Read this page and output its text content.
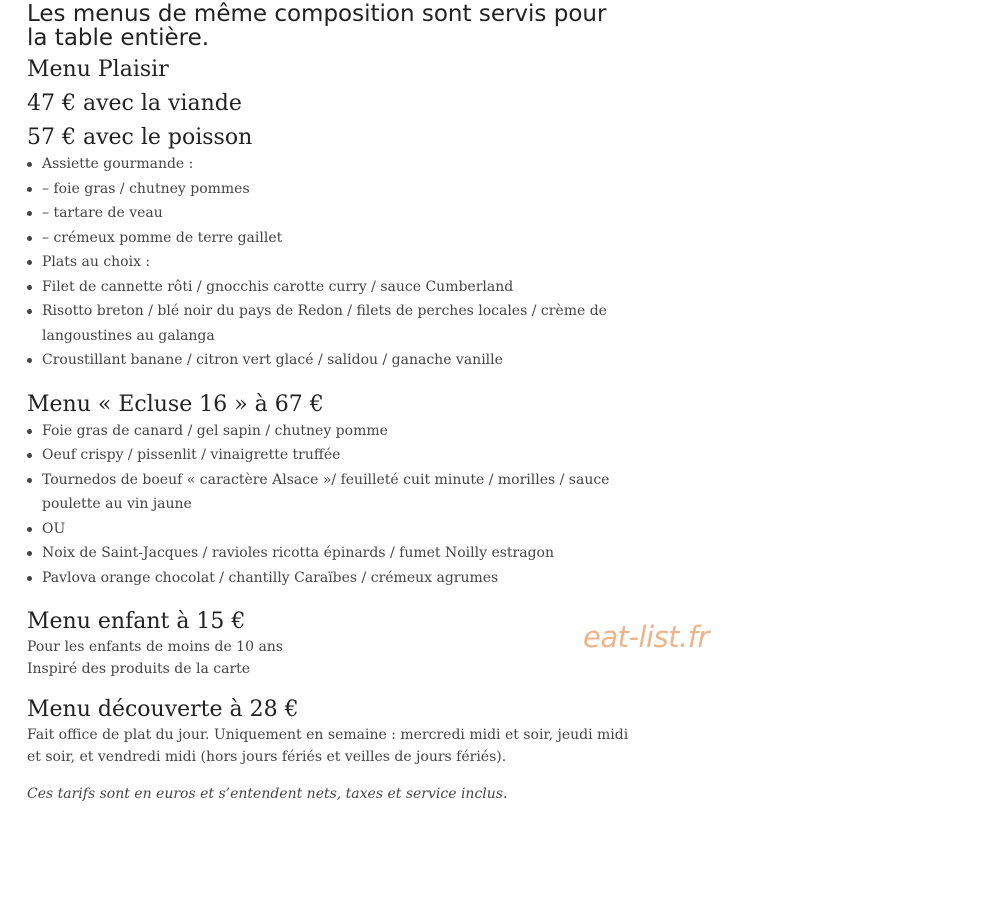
Les menus de même composition sont servis pour
la table entière.

Menu Plaisir
47 € avec la viande
57 € avec le poisson
Assiette gourmande :
– foie gras / chutney pommes
– tartare de veau
– crémeux pomme de terre gaillet
Plats au choix :
Filet de cannette rôti / gnocchis carotte curry / sauce Cumberland
Risotto breton / blé noir du pays de Redon / filets de perches locales / crème de langoustines au galanga
Croustillant banane / citron vert glacé / salidou / ganache vanille
Menu « Ecluse 16 » à 67 €
Foie gras de canard / gel sapin / chutney pomme
Oeuf crispy / pissenlit / vinaigrette truffée
Tournedos de boeuf « caractère Alsace »/ feuilleté cuit minute / morilles / sauce poulette au vin jaune
OU
Noix de Saint-Jacques / ravioles ricotta épinards / fumet Noilly estragon
Pavlova orange chocolat / chantilly Caraïbes / crémeux agrumes
Menu enfant à 15 €

Pour les enfants de moins de 10 ans
Inspiré des produits de la carte

Menu découverte à 28 €

Fait office de plat du jour. Uniquement en semaine : mercredi midi et soir, jeudi midi et soir, et vendredi midi (hors jours fériés et veilles de jours fériés).

Ces tarifs sont en euros et s’entendent nets, taxes et service inclus.

eat-list.fr
